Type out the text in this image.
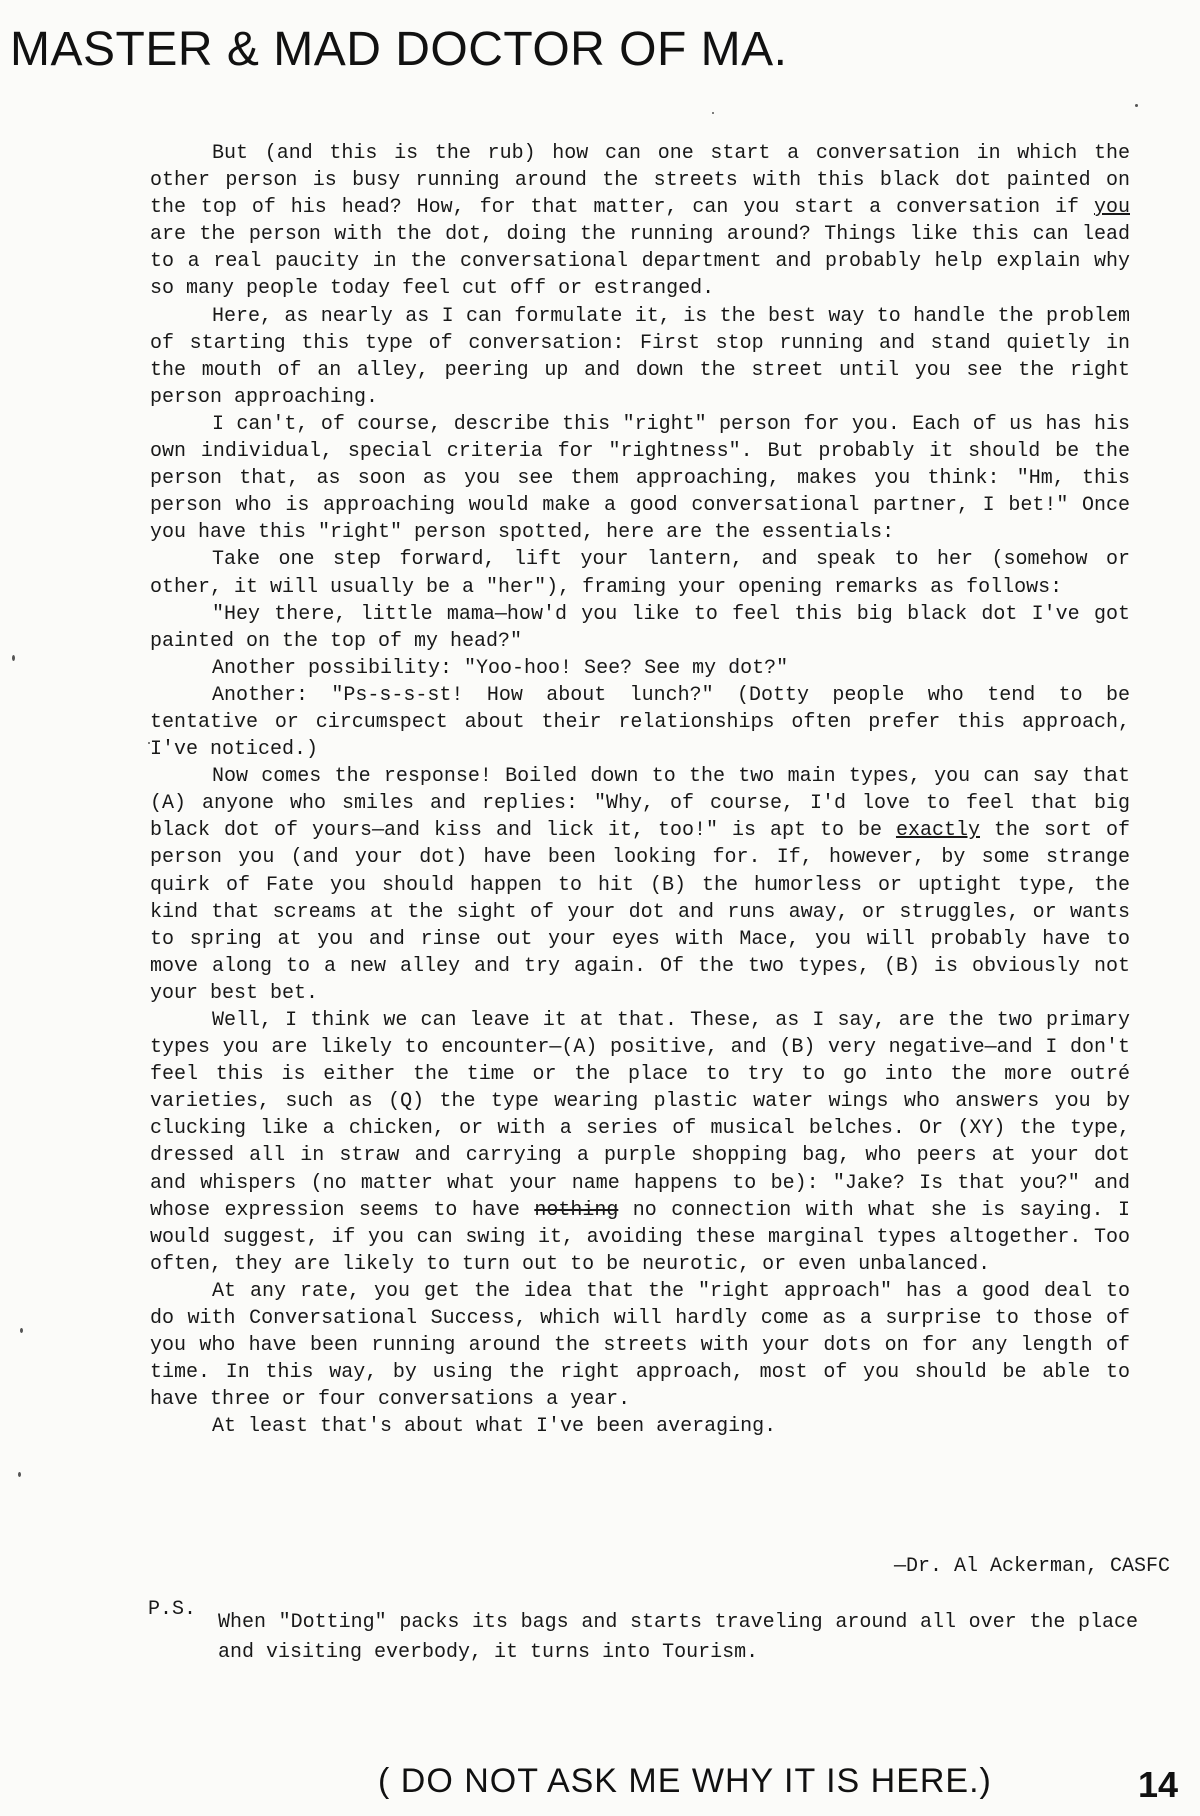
MASTER & MAD DOCTOR OF MA.

But (and this is the rub) how can one start a conversation in which the other person is busy running around the streets with this black dot painted on the top of his head? How, for that matter, can you start a conversation if you are the person with the dot, doing the running around? Things like this can lead to a real paucity in the conversational department and probably help explain why so many people today feel cut off or estranged.

Here, as nearly as I can formulate it, is the best way to handle the problem of starting this type of conversation: First stop running and stand quietly in the mouth of an alley, peering up and down the street until you see the right person approaching.

I can't, of course, describe this "right" person for you. Each of us has his own individual, special criteria for "rightness". But probably it should be the person that, as soon as you see them approaching, makes you think: "Hm, this person who is approaching would make a good conversational partner, I bet!" Once you have this "right" person spotted, here are the essentials:

Take one step forward, lift your lantern, and speak to her (somehow or other, it will usually be a "her"), framing your opening remarks as follows:

"Hey there, little mama—how'd you like to feel this big black dot I've got painted on the top of my head?"

Another possibility: "Yoo-hoo! See? See my dot?"

Another: "Ps-s-s-st! How about lunch?" (Dotty people who tend to be tentative or circumspect about their relationships often prefer this approach, I've noticed.)

Now comes the response! Boiled down to the two main types, you can say that (A) anyone who smiles and replies: "Why, of course, I'd love to feel that big black dot of yours—and kiss and lick it, too!" is apt to be exactly the sort of person you (and your dot) have been looking for. If, however, by some strange quirk of Fate you should happen to hit (B) the humorless or uptight type, the kind that screams at the sight of your dot and runs away, or struggles, or wants to spring at you and rinse out your eyes with Mace, you will probably have to move along to a new alley and try again. Of the two types, (B) is obviously not your best bet.

Well, I think we can leave it at that. These, as I say, are the two primary types you are likely to encounter—(A) positive, and (B) very negative—and I don't feel this is either the time or the place to try to go into the more outré varieties, such as (Q) the type wearing plastic water wings who answers you by clucking like a chicken, or with a series of musical belches. Or (XY) the type, dressed all in straw and carrying a purple shopping bag, who peers at your dot and whispers (no matter what your name happens to be): "Jake? Is that you?" and whose expression seems to have nothing no connection with what she is saying. I would suggest, if you can swing it, avoiding these marginal types altogether. Too often, they are likely to turn out to be neurotic, or even unbalanced.

At any rate, you get the idea that the "right approach" has a good deal to do with Conversational Success, which will hardly come as a surprise to those of you who have been running around the streets with your dots on for any length of time. In this way, by using the right approach, most of you should be able to have three or four conversations a year.

At least that's about what I've been averaging.

—Dr. Al Ackerman, CASFC
P.S.
When "Dotting" packs its bags and starts traveling around all over the place and visiting everbody, it turns into Tourism.
( DO NOT ASK ME WHY IT IS HERE.)	14
